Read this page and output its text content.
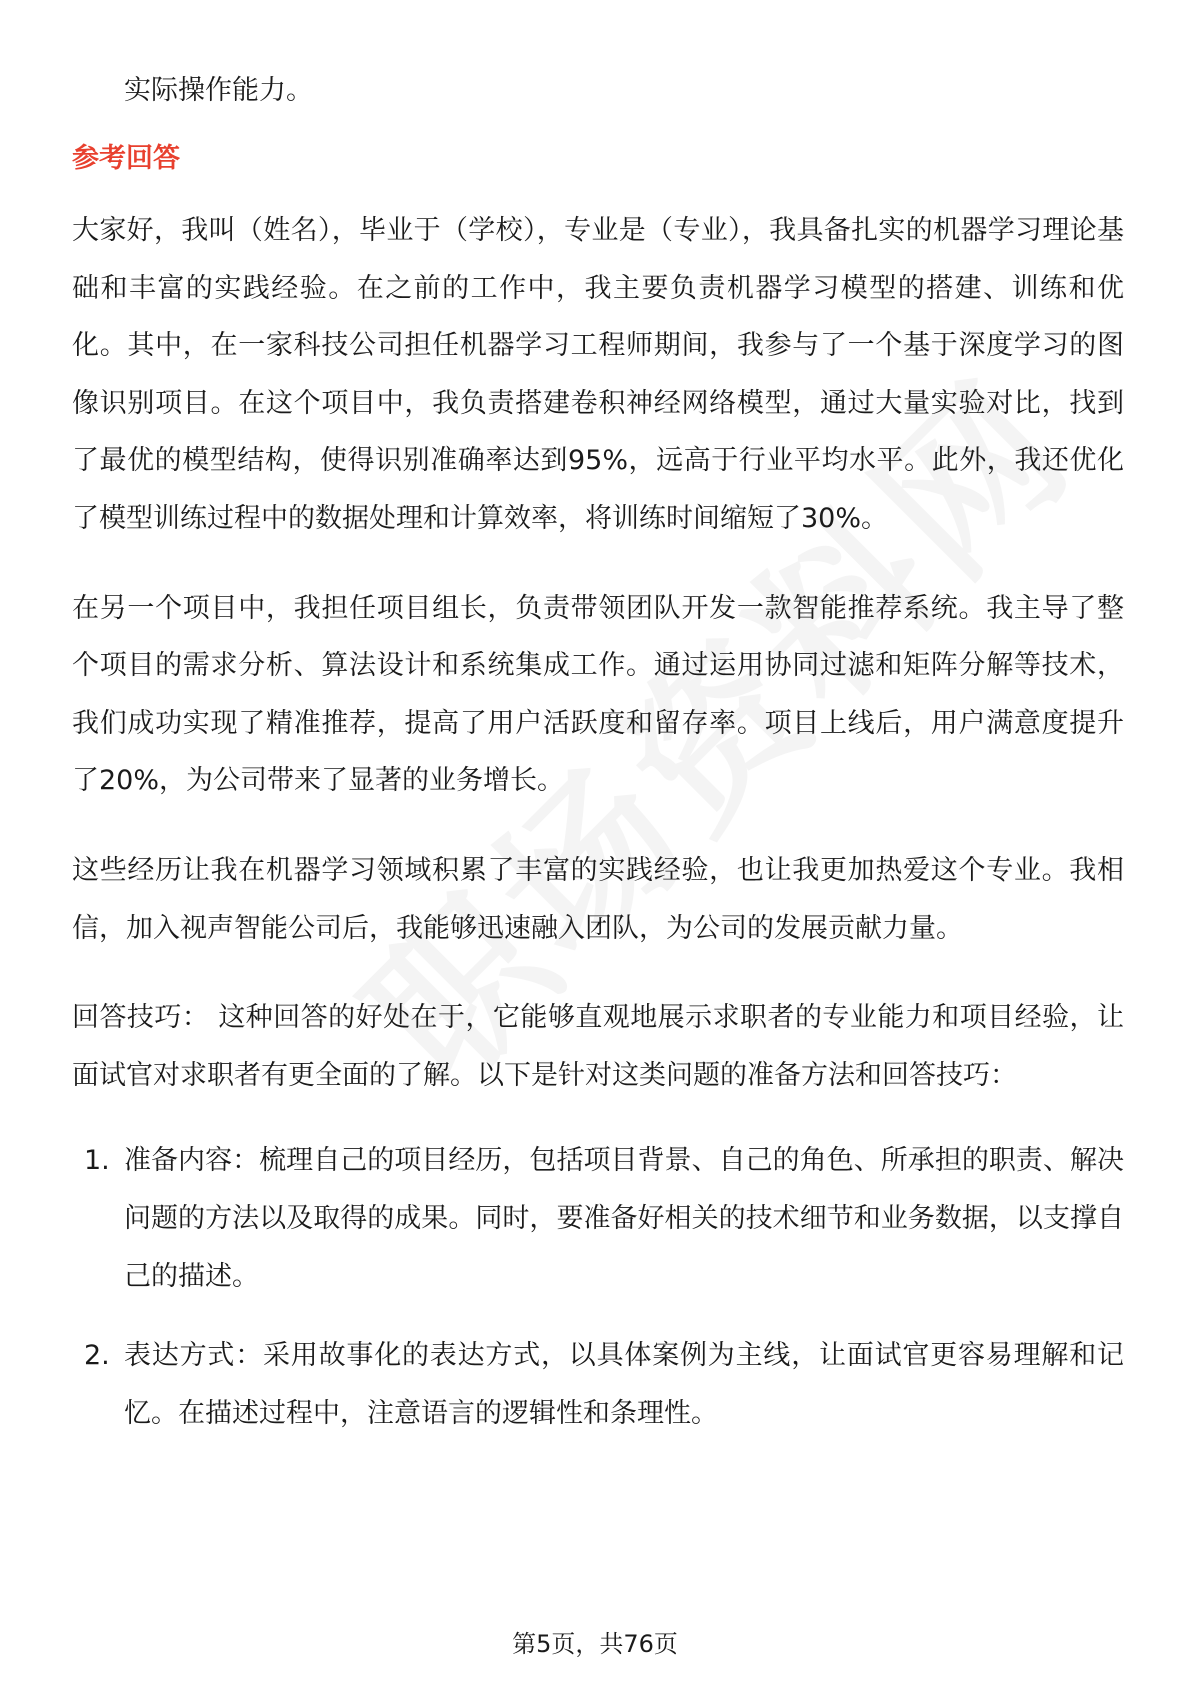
实际操作能力。
参考回答

大家好，我叫（姓名），毕业于（学校），专业是（专业），我具备扎实的机器学习理论基础和丰富的实践经验。在之前的工作中，我主要负责机器学习模型的搭建、训练和优化。其中，在一家科技公司担任机器学习工程师期间，我参与了一个基于深度学习的图像识别项目。在这个项目中，我负责搭建卷积神经网络模型，通过大量实验对比，找到了最优的模型结构，使得识别准确率达到95%，远高于行业平均水平。此外，我还优化了模型训练过程中的数据处理和计算效率，将训练时间缩短了30%。

在另一个项目中，我担任项目组长，负责带领团队开发一款智能推荐系统。我主导了整个项目的需求分析、算法设计和系统集成工作。通过运用协同过滤和矩阵分解等技术，我们成功实现了精准推荐，提高了用户活跃度和留存率。项目上线后，用户满意度提升了20%，为公司带来了显著的业务增长。

这些经历让我在机器学习领域积累了丰富的实践经验，也让我更加热爱这个专业。我相信，加入视声智能公司后，我能够迅速融入团队，为公司的发展贡献力量。

回答技巧： 这种回答的好处在于，它能够直观地展示求职者的专业能力和项目经验，让面试官对求职者有更全面的了解。以下是针对这类问题的准备方法和回答技巧：

1. 准备内容：梳理自己的项目经历，包括项目背景、自己的角色、所承担的职责、解决问题的方法以及取得的成果。同时，要准备好相关的技术细节和业务数据，以支撑自己的描述。
2. 表达方式：采用故事化的表达方式，以具体案例为主线，让面试官更容易理解和记忆。在描述过程中，注意语言的逻辑性和条理性。
第5页，共76页
